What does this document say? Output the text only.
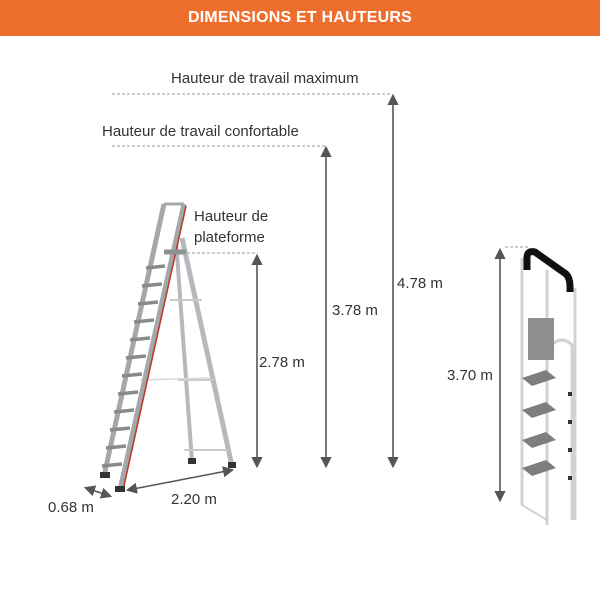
DIMENSIONS ET HAUTEURS
Hauteur de travail maximum
Hauteur de travail confortable
Hauteur de
plateforme
2.78 m
3.78 m
4.78 m
3.70 m
0.68 m	2.20 m
